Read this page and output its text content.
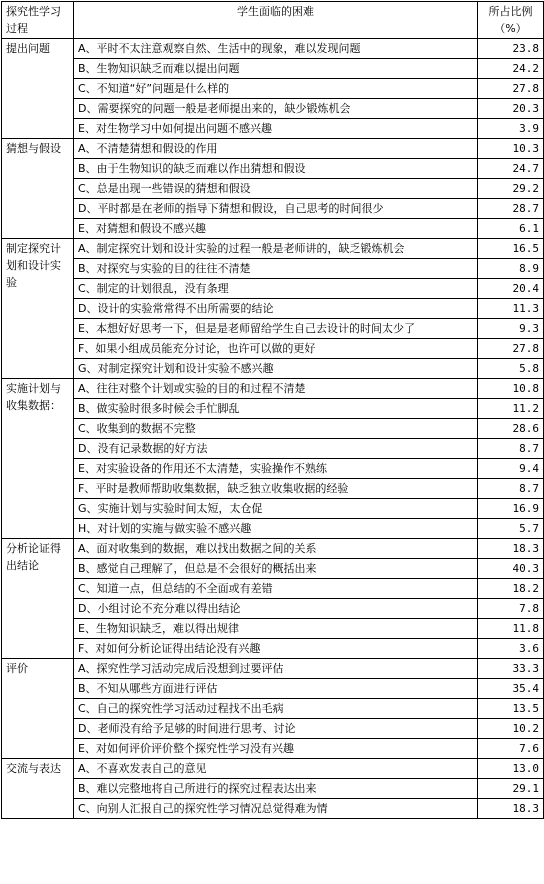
探究性学习过程	学生面临的困难	所占比例（%）
提出问题	A、平时不太注意观察自然、生活中的现象，难以发现问题	23.8
	B、生物知识缺乏而难以提出问题	24.2
	C、不知道“好”问题是什么样的	27.8
	D、需要探究的问题一般是老师提出来的，缺少锻炼机会	20.3
	E、对生物学习中如何提出问题不感兴趣	3.9
猜想与假设	A、不清楚猜想和假设的作用	10.3
	B、由于生物知识的缺乏而难以作出猜想和假设	24.7
	C、总是出现一些错误的猜想和假设	29.2
	D、平时都是在老师的指导下猜想和假设，自己思考的时间很少	28.7
	E、对猜想和假设不感兴趣	6.1
制定探究计划和设计实验	A、制定探究计划和设计实验的过程一般是老师讲的，缺乏锻炼机会	16.5
	B、对探究与实验的目的往往不清楚	8.9
	C、制定的计划很乱，没有条理	20.4
	D、设计的实验常常得不出所需要的结论	11.3
	E、本想好好思考一下，但是是老师留给学生自己去设计的时间太少了	9.3
	F、如果小组成员能充分讨论，也许可以做的更好	27.8
	G、对制定探究计划和设计实验不感兴趣	5.8
实施计划与收集数据：	A、往往对整个计划或实验的目的和过程不清楚	10.8
	B、做实验时很多时候会手忙脚乱	11.2
	C、收集到的数据不完整	28.6
	D、没有记录数据的好方法	8.7
	E、对实验设备的作用还不太清楚，实验操作不熟练	9.4
	F、平时是教师帮助收集数据，缺乏独立收集收据的经验	8.7
	G、实施计划与实验时间太短，太仓促	16.9
	H、对计划的实施与做实验不感兴趣	5.7
分析论证得出结论	A、面对收集到的数据，难以找出数据之间的关系	18.3
	B、感觉自己理解了，但总是不会很好的概括出来	40.3
	C、知道一点，但总结的不全面或有差错	18.2
	D、小组讨论不充分难以得出结论	7.8
	E、生物知识缺乏，难以得出规律	11.8
	F、对如何分析论证得出结论没有兴趣	3.6
评价	A、探究性学习活动完成后没想到过要评估	33.3
	B、不知从哪些方面进行评估	35.4
	C、自己的探究性学习活动过程找不出毛病	13.5
	D、老师没有给予足够的时间进行思考、讨论	10.2
	E、对如何评价评价整个探究性学习没有兴趣	7.6
交流与表达	A、不喜欢发表自己的意见	13.0
	B、难以完整地将自己所进行的探究过程表达出来	29.1
	C、向别人汇报自己的探究性学习情况总觉得难为情	18.3
